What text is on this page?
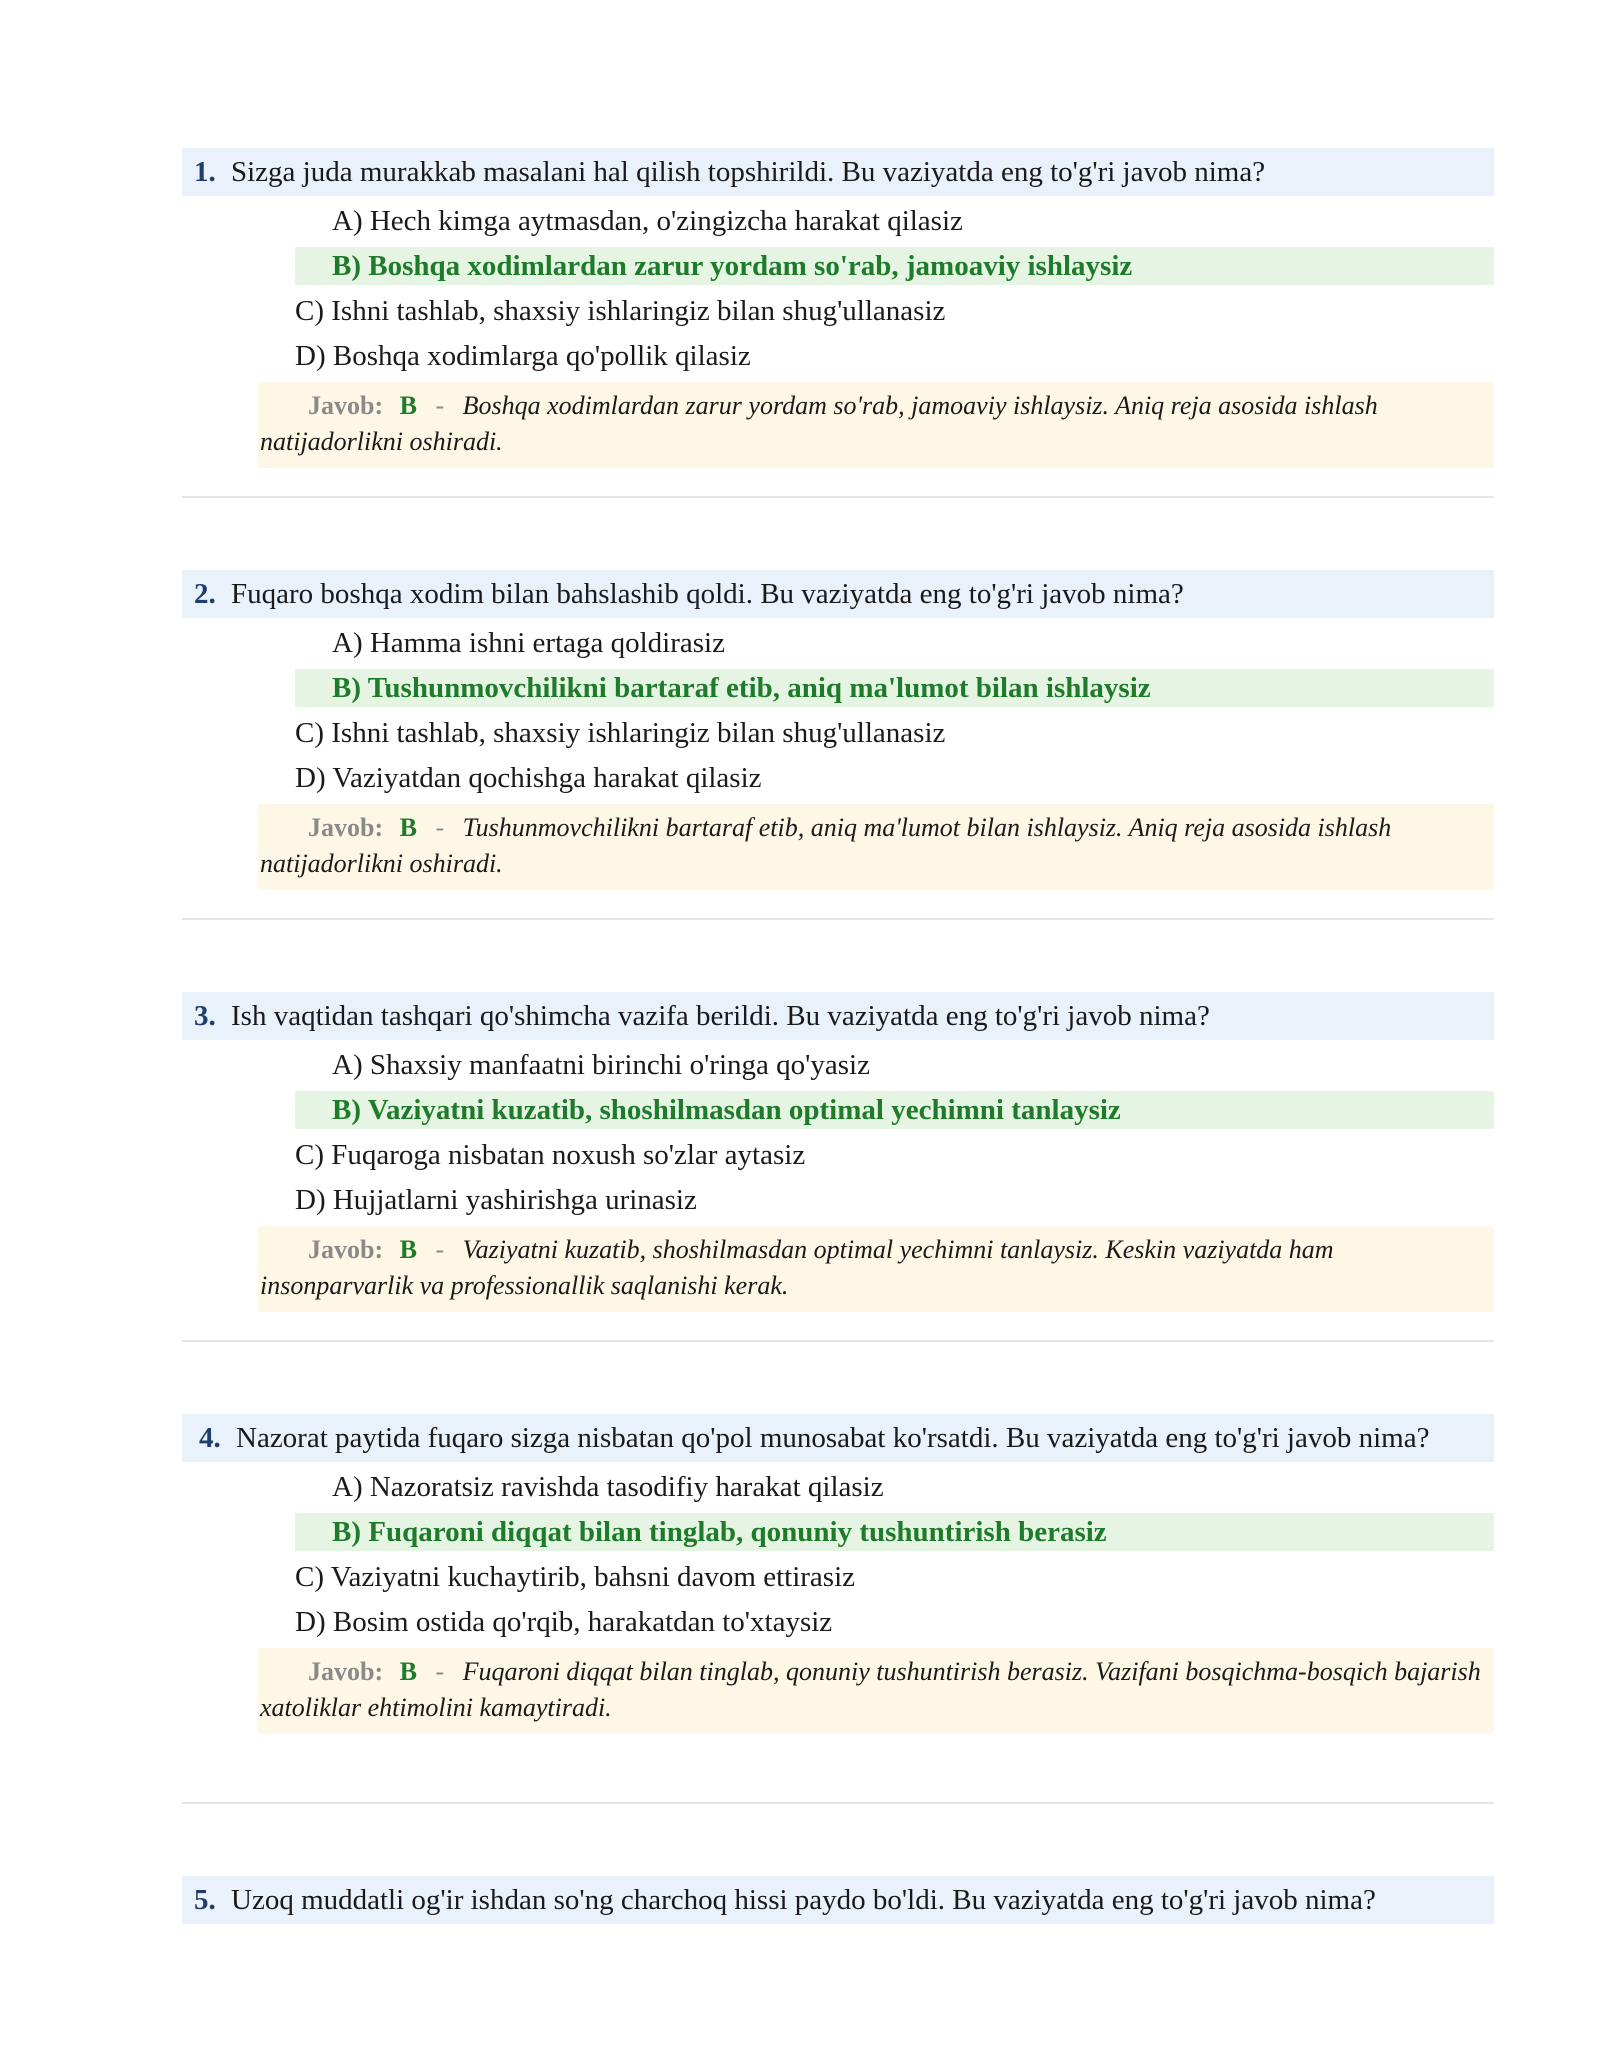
1. Sizga juda murakkab masalani hal qilish topshirildi. Bu vaziyatda eng to'g'ri javob nima?
A) Hech kimga aytmasdan, o'zingizcha harakat qilasiz
B) Boshqa xodimlardan zarur yordam so'rab, jamoaviy ishlaysiz
C) Ishni tashlab, shaxsiy ishlaringiz bilan shug'ullanasiz
D) Boshqa xodimlarga qo'pollik qilasiz
Javob: B - Boshqa xodimlardan zarur yordam so'rab, jamoaviy ishlaysiz. Aniq reja asosida ishlash natijadorlikni oshiradi.
2. Fuqaro boshqa xodim bilan bahslashib qoldi. Bu vaziyatda eng to'g'ri javob nima?
A) Hamma ishni ertaga qoldirasiz
B) Tushunmovchilikni bartaraf etib, aniq ma'lumot bilan ishlaysiz
C) Ishni tashlab, shaxsiy ishlaringiz bilan shug'ullanasiz
D) Vaziyatdan qochishga harakat qilasiz
Javob: B - Tushunmovchilikni bartaraf etib, aniq ma'lumot bilan ishlaysiz. Aniq reja asosida ishlash natijadorlikni oshiradi.
3. Ish vaqtidan tashqari qo'shimcha vazifa berildi. Bu vaziyatda eng to'g'ri javob nima?
A) Shaxsiy manfaatni birinchi o'ringa qo'yasiz
B) Vaziyatni kuzatib, shoshilmasdan optimal yechimni tanlaysiz
C) Fuqaroga nisbatan noxush so'zlar aytasiz
D) Hujjatlarni yashirishga urinasiz
Javob: B - Vaziyatni kuzatib, shoshilmasdan optimal yechimni tanlaysiz. Keskin vaziyatda ham insonparvarlik va professionallik saqlanishi kerak.
4. Nazorat paytida fuqaro sizga nisbatan qo'pol munosabat ko'rsatdi. Bu vaziyatda eng to'g'ri javob nima?
A) Nazoratsiz ravishda tasodifiy harakat qilasiz
B) Fuqaroni diqqat bilan tinglab, qonuniy tushuntirish berasiz
C) Vaziyatni kuchaytirib, bahsni davom ettirasiz
D) Bosim ostida qo'rqib, harakatdan to'xtaysiz
Javob: B - Fuqaroni diqqat bilan tinglab, qonuniy tushuntirish berasiz. Vazifani bosqichma-bosqich bajarish xatoliklar ehtimolini kamaytiradi.
5. Uzoq muddatli og'ir ishdan so'ng charchoq hissi paydo bo'ldi. Bu vaziyatda eng to'g'ri javob nima?
